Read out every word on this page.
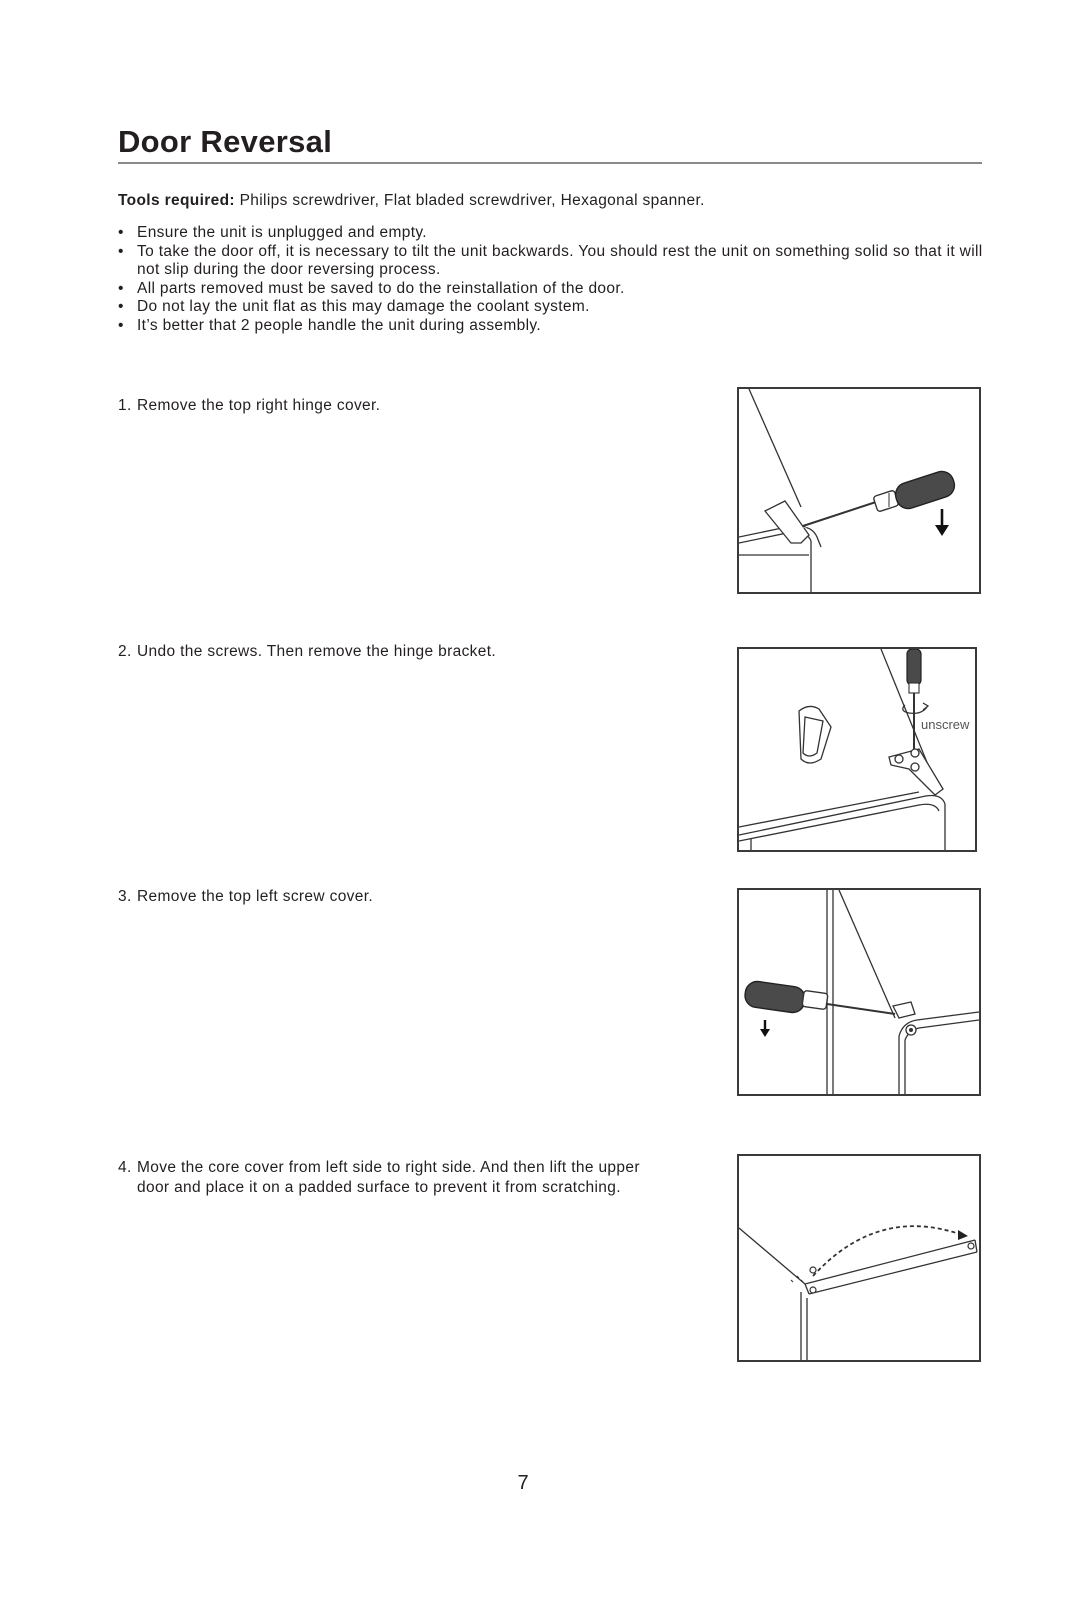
Door Reversal

Tools required: Philips screwdriver, Flat bladed screwdriver, Hexagonal spanner.

• Ensure the unit is unplugged and empty.
• To take the door off, it is necessary to tilt the unit backwards. You should rest the unit on something solid so that it will not slip during the door reversing process.
• All parts removed must be saved to do the reinstallation of the door.
• Do not lay the unit flat as this may damage the coolant system.
• It’s better that 2 people handle the unit during assembly.

1. Remove the top right hinge cover.

2. Undo the screws. Then remove the hinge bracket.

unscrew

3. Remove the top left screw cover.

4. Move the core cover from left side to right side. And then lift the upper
door and place it on a padded surface to prevent it from scratching.

7
